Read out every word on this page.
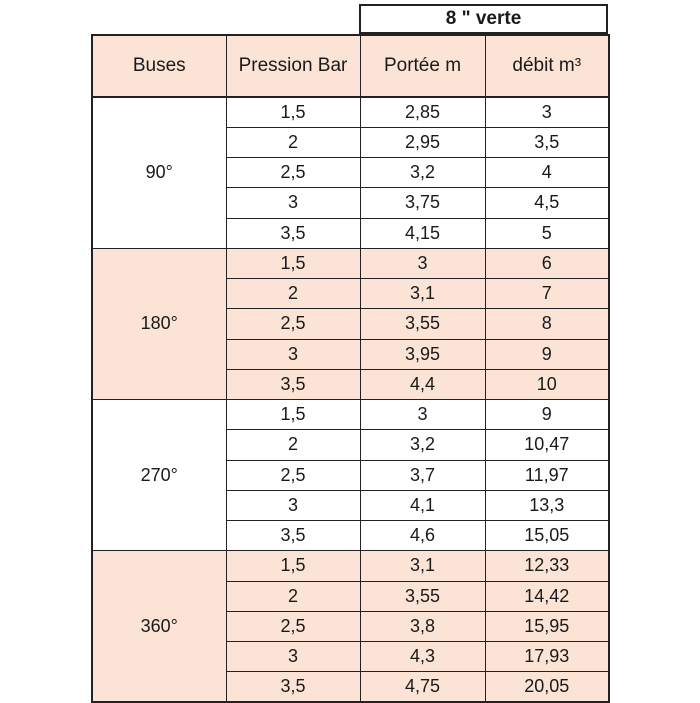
8 " verte
Buses	Pression Bar	Portée m	débit m³
90°	1,5	2,85	3
	2	2,95	3,5
	2,5	3,2	4
	3	3,75	4,5
	3,5	4,15	5
180°	1,5	3	6
	2	3,1	7
	2,5	3,55	8
	3	3,95	9
	3,5	4,4	10
270°	1,5	3	9
	2	3,2	10,47
	2,5	3,7	11,97
	3	4,1	13,3
	3,5	4,6	15,05
360°	1,5	3,1	12,33
	2	3,55	14,42
	2,5	3,8	15,95
	3	4,3	17,93
	3,5	4,75	20,05
